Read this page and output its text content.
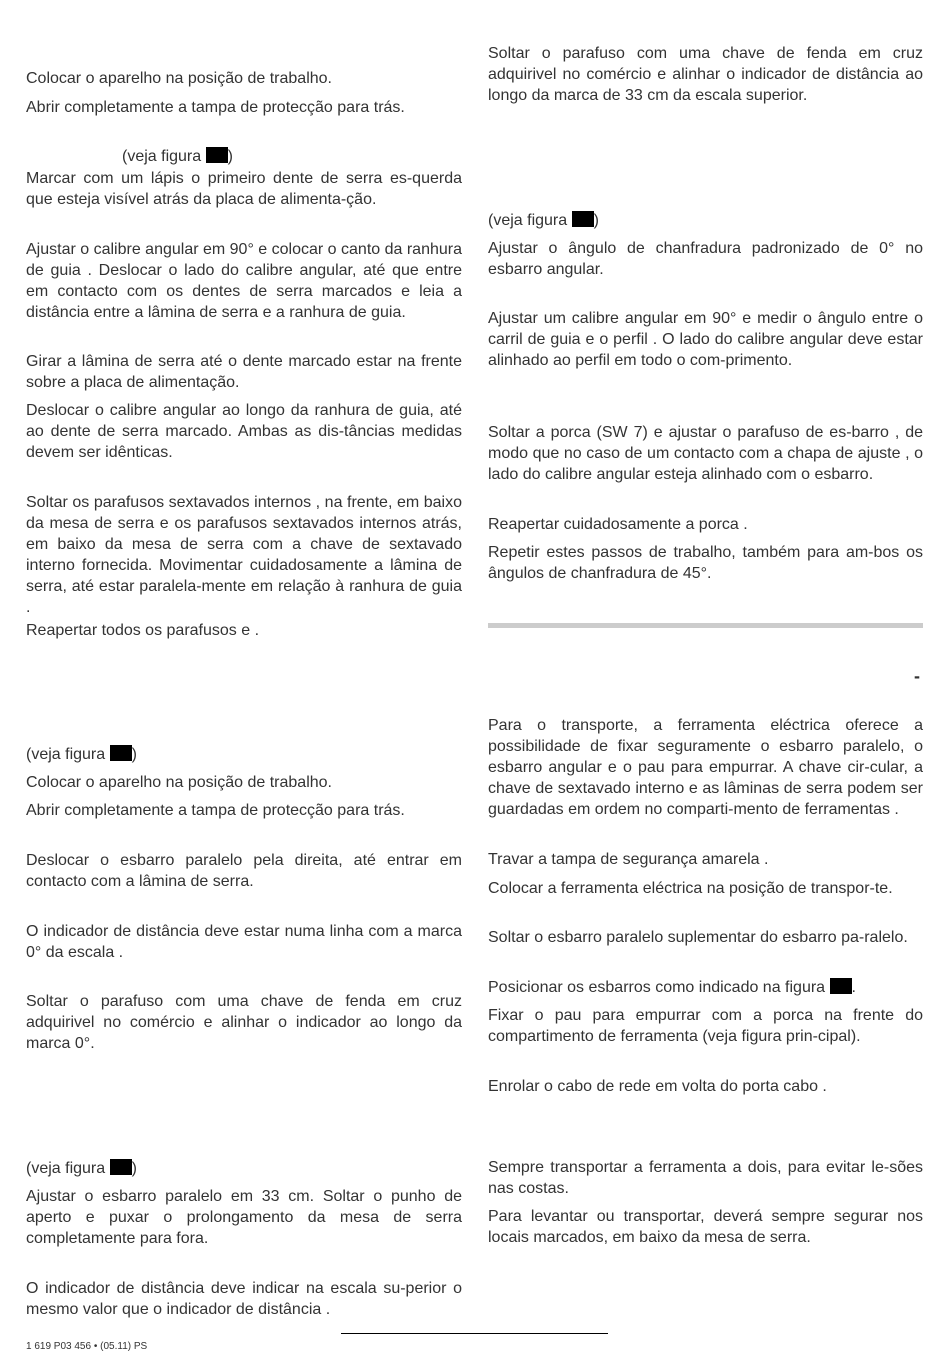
Colocar o aparelho na posição de trabalho.

Abrir completamente a tampa de protecção para trás.

(veja figura )

Marcar com um lápis o primeiro dente de serra es-querda que esteja visível atrás da placa de alimenta-ção.

Ajustar o calibre angular em 90° e colocar o canto da ranhura de guia . Deslocar o lado do calibre angular, até que entre em contacto com os dentes de serra marcados e leia a distância entre a lâmina de serra e a ranhura de guia.

Girar a lâmina de serra até o dente marcado estar na frente sobre a placa de alimentação.

Deslocar o calibre angular ao longo da ranhura de guia, até ao dente de serra marcado. Ambas as dis-tâncias medidas devem ser idênticas.

Soltar os parafusos sextavados internos , na frente, em baixo da mesa de serra e os parafusos sextavados internos atrás, em baixo da mesa de serra com a chave de sextavado interno fornecida. Movimentar cuidadosamente a lâmina de serra, até estar paralela-mente em relação à ranhura de guia .

Reapertar todos os parafusos e .

(veja figura )

Colocar o aparelho na posição de trabalho.

Abrir completamente a tampa de protecção para trás.

Deslocar o esbarro paralelo pela direita, até entrar em contacto com a lâmina de serra.

O indicador de distância deve estar numa linha com a marca 0° da escala .

Soltar o parafuso com uma chave de fenda em cruz adquirivel no comércio e alinhar o indicador ao longo da marca 0°.

(veja figura )

Ajustar o esbarro paralelo em 33 cm. Soltar o punho de aperto e puxar o prolongamento da mesa de serra completamente para fora.

O indicador de distância deve indicar na escala su-perior o mesmo valor que o indicador de distância .

Soltar o parafuso com uma chave de fenda em cruz adquirivel no comércio e alinhar o indicador de distância ao longo da marca de 33 cm da escala superior.

(veja figura )

Ajustar o ângulo de chanfradura padronizado de 0° no esbarro angular.

Ajustar um calibre angular em 90° e medir o ângulo entre o carril de guia e o perfil . O lado do calibre angular deve estar alinhado ao perfil em todo o com-primento.

Soltar a porca (SW 7) e ajustar o parafuso de es-barro , de modo que no caso de um contacto com a chapa de ajuste , o lado do calibre angular esteja alinhado com o esbarro.

Reapertar cuidadosamente a porca .

Repetir estes passos de trabalho, também para am-bos os ângulos de chanfradura de 45°.

-

Para o transporte, a ferramenta eléctrica oferece a possibilidade de fixar seguramente o esbarro paralelo, o esbarro angular e o pau para empurrar. A chave cir-cular, a chave de sextavado interno e as lâminas de serra podem ser guardadas em ordem no comparti-mento de ferramentas .

Travar a tampa de segurança amarela .

Colocar a ferramenta eléctrica na posição de transpor-te.

Soltar o esbarro paralelo suplementar do esbarro pa-ralelo.

Posicionar os esbarros como indicado na figura .

Fixar o pau para empurrar com a porca na frente do compartimento de ferramenta (veja figura prin-cipal).

Enrolar o cabo de rede em volta do porta cabo .

Sempre transportar a ferramenta a dois, para evitar le-sões nas costas.

Para levantar ou transportar, deverá sempre segurar nos locais marcados, em baixo da mesa de serra.

1 619 P03 456 • (05.11) PS
